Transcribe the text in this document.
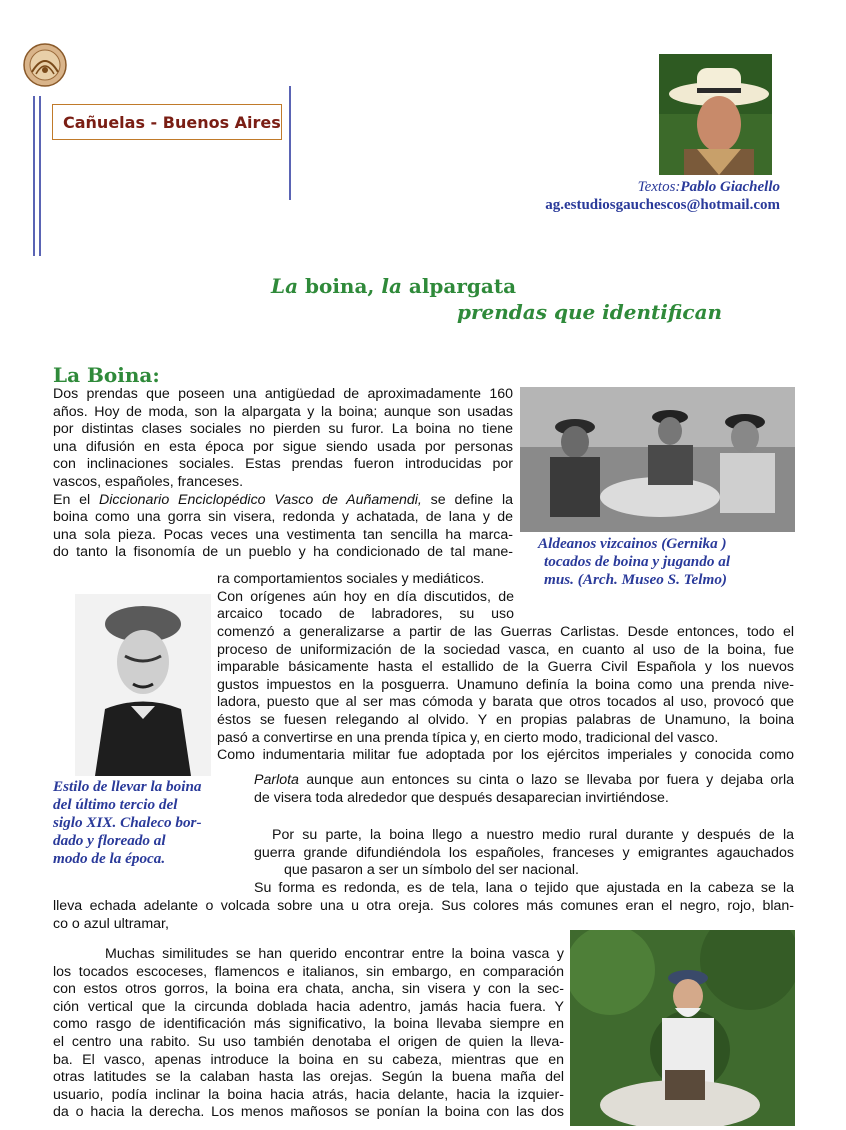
Cañuelas - Buenos Aires
Textos:Pablo Giachello
ag.estudiosgauchescos@hotmail.com
La boina, la alpargata
prendas que identifican
La Boina:
Dos prendas que poseen una antigüedad de aproximadamente 160
años. Hoy de moda, son la alpargata y la boina; aunque son usadas
por distintas clases sociales no pierden su furor. La boina no tiene
una difusión en esta época por sigue siendo usada por personas
con inclinaciones sociales. Estas prendas fueron introducidas por
vascos, españoles, franceses.
En el Diccionario Enciclopédico Vasco de Auñamendi, se define la
boina como una gorra sin visera, redonda y achatada, de lana y de
una sola pieza. Pocas veces una vestimenta tan sencilla ha marca-
do tanto la fisonomía de un pueblo y ha condicionado de tal mane-
Aldeanos vizcainos (Gernika )
tocados de boina y jugando al
mus. (Arch. Museo S. Telmo)
ra comportamientos sociales y mediáticos.
Con orígenes aún hoy en día discutidos, de
arcaico tocado de labradores, su uso
comenzó a generalizarse a partir de las Guerras Carlistas. Desde entonces, todo el
proceso de uniformización de la sociedad vasca, en cuanto al uso de la boina, fue
imparable básicamente hasta el estallido de la Guerra Civil Española y los nuevos
gustos impuestos en la posguerra. Unamuno definía la boina como una prenda nive-
ladora, puesto que al ser mas cómoda y barata que otros tocados al uso, provocó que
éstos se fuesen relegando al olvido. Y en propias palabras de Unamuno, la boina
pasó a convertirse en una prenda típica y, en cierto modo, tradicional del vasco.
Como indumentaria militar fue adoptada por los ejércitos imperiales y conocida como
Parlota aunque aun entonces su cinta o lazo se llevaba por fuera y dejaba orla
de visera toda alrededor que después desaparecian invirtiéndose.
Estilo de llevar la boina
del último tercio del
siglo XIX. Chaleco bor-
dado y floreado al
modo de la época.
Por su parte, la boina llego a nuestro medio rural durante y después de la
guerra grande difundiéndola los españoles, franceses y emigrantes agauchados
que pasaron a ser un símbolo del ser nacional.
Su forma es redonda, es de tela, lana o tejido que ajustada en la cabeza se la
lleva echada adelante o volcada sobre una u otra oreja. Sus colores más comunes eran el negro, rojo, blan-
co o azul ultramar,
Muchas similitudes se han querido encontrar entre la boina vasca y
los tocados escoceses, flamencos e italianos, sin embargo, en comparación
con estos otros gorros, la boina era chata, ancha, sin visera y con la sec-
ción vertical que la circunda doblada hacia adentro, jamás hacia fuera. Y
como rasgo de identificación más significativo, la boina llevaba siempre en
el centro una rabito. Su uso también denotaba el origen de quien la lleva-
ba. El vasco, apenas introduce la boina en su cabeza, mientras que en
otras latitudes se la calaban hasta las orejas. Según la buena maña del
usuario, podía inclinar la boina hacia atrás, hacia delante, hacia la izquier-
da o hacia la derecha. Los menos mañosos se ponían la boina con las dos
